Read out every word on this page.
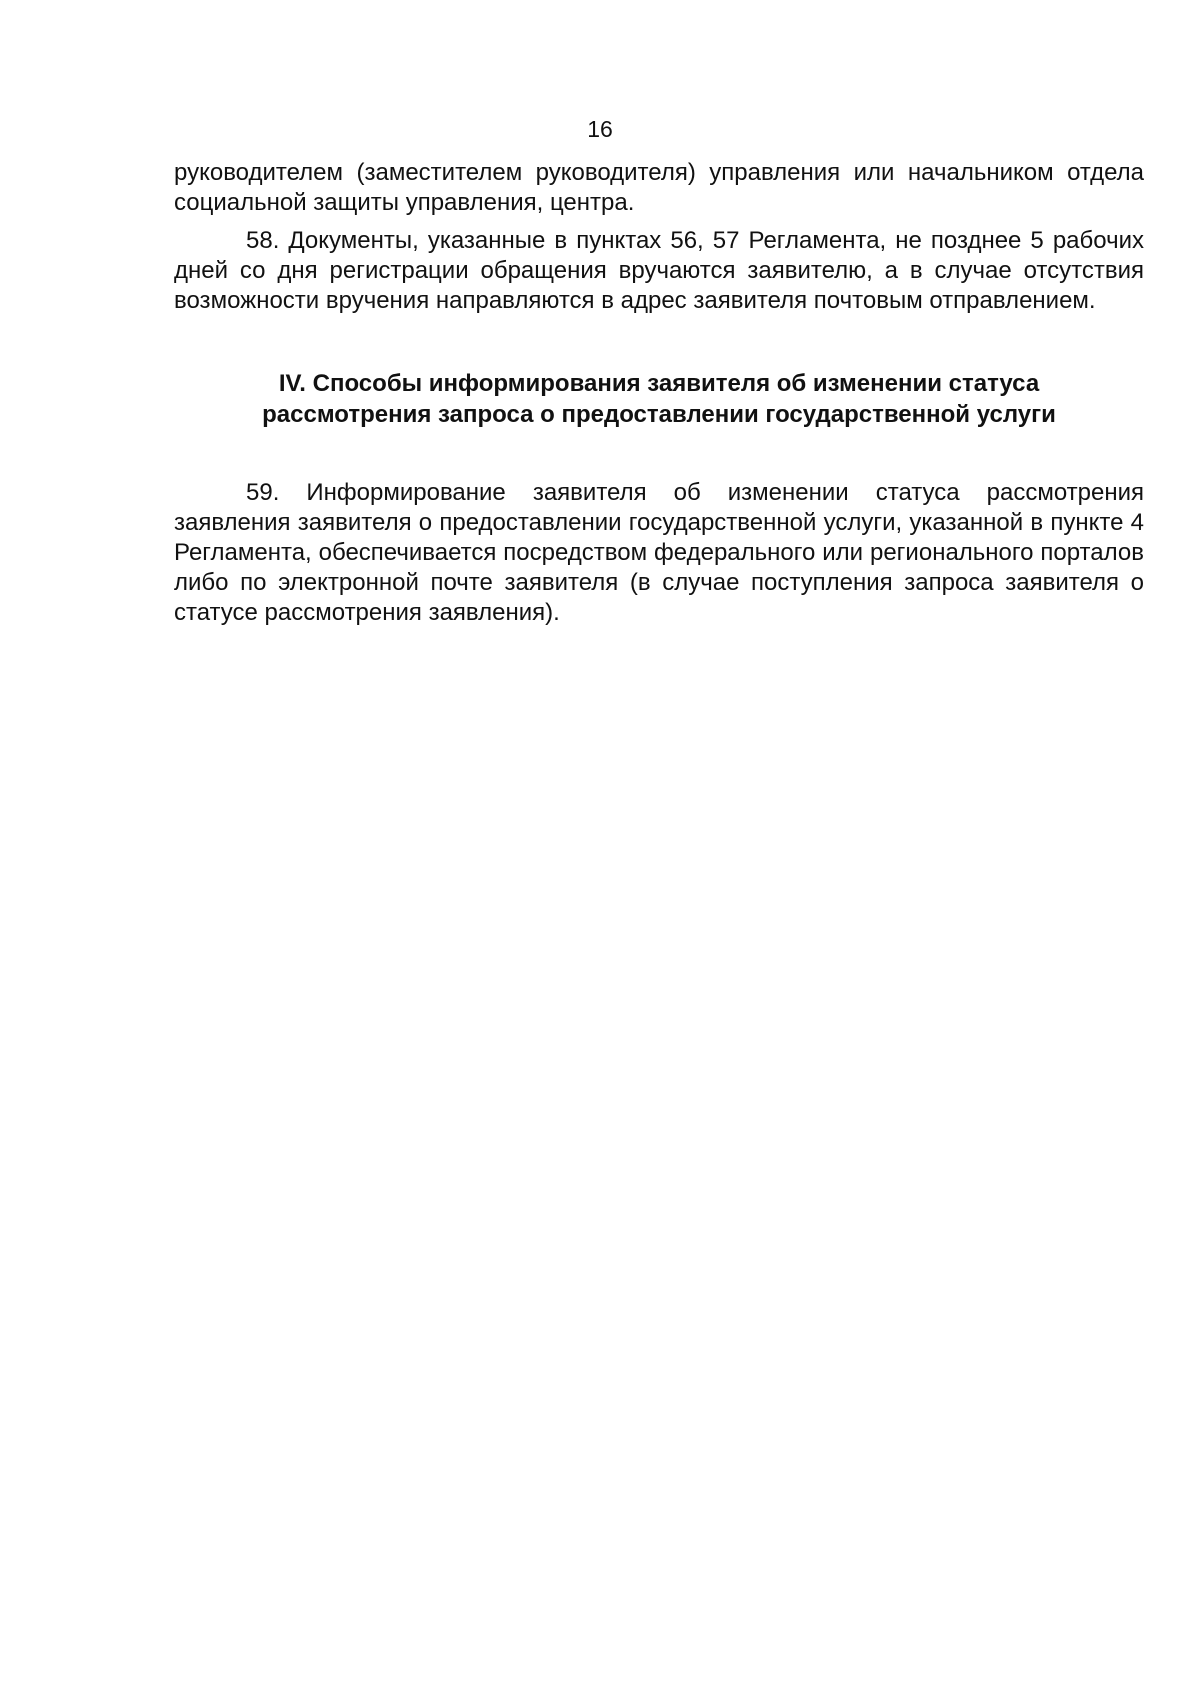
16

руководителем (заместителем руководителя) управления или начальником отдела социальной защиты управления, центра.

58. Документы, указанные в пунктах 56, 57 Регламента, не позднее 5 рабочих дней со дня регистрации обращения вручаются заявителю, а в случае отсутствия возможности вручения направляются в адрес заявителя почтовым отправлением.

IV. Способы информирования заявителя об изменении статуса
рассмотрения запроса о предоставлении государственной услуги

59. Информирование заявителя об изменении статуса рассмотрения заявления заявителя о предоставлении государственной услуги, указанной в пункте 4 Регламента, обеспечивается посредством федерального или регионального порталов либо по электронной почте заявителя (в случае поступления запроса заявителя о статусе рассмотрения заявления).
